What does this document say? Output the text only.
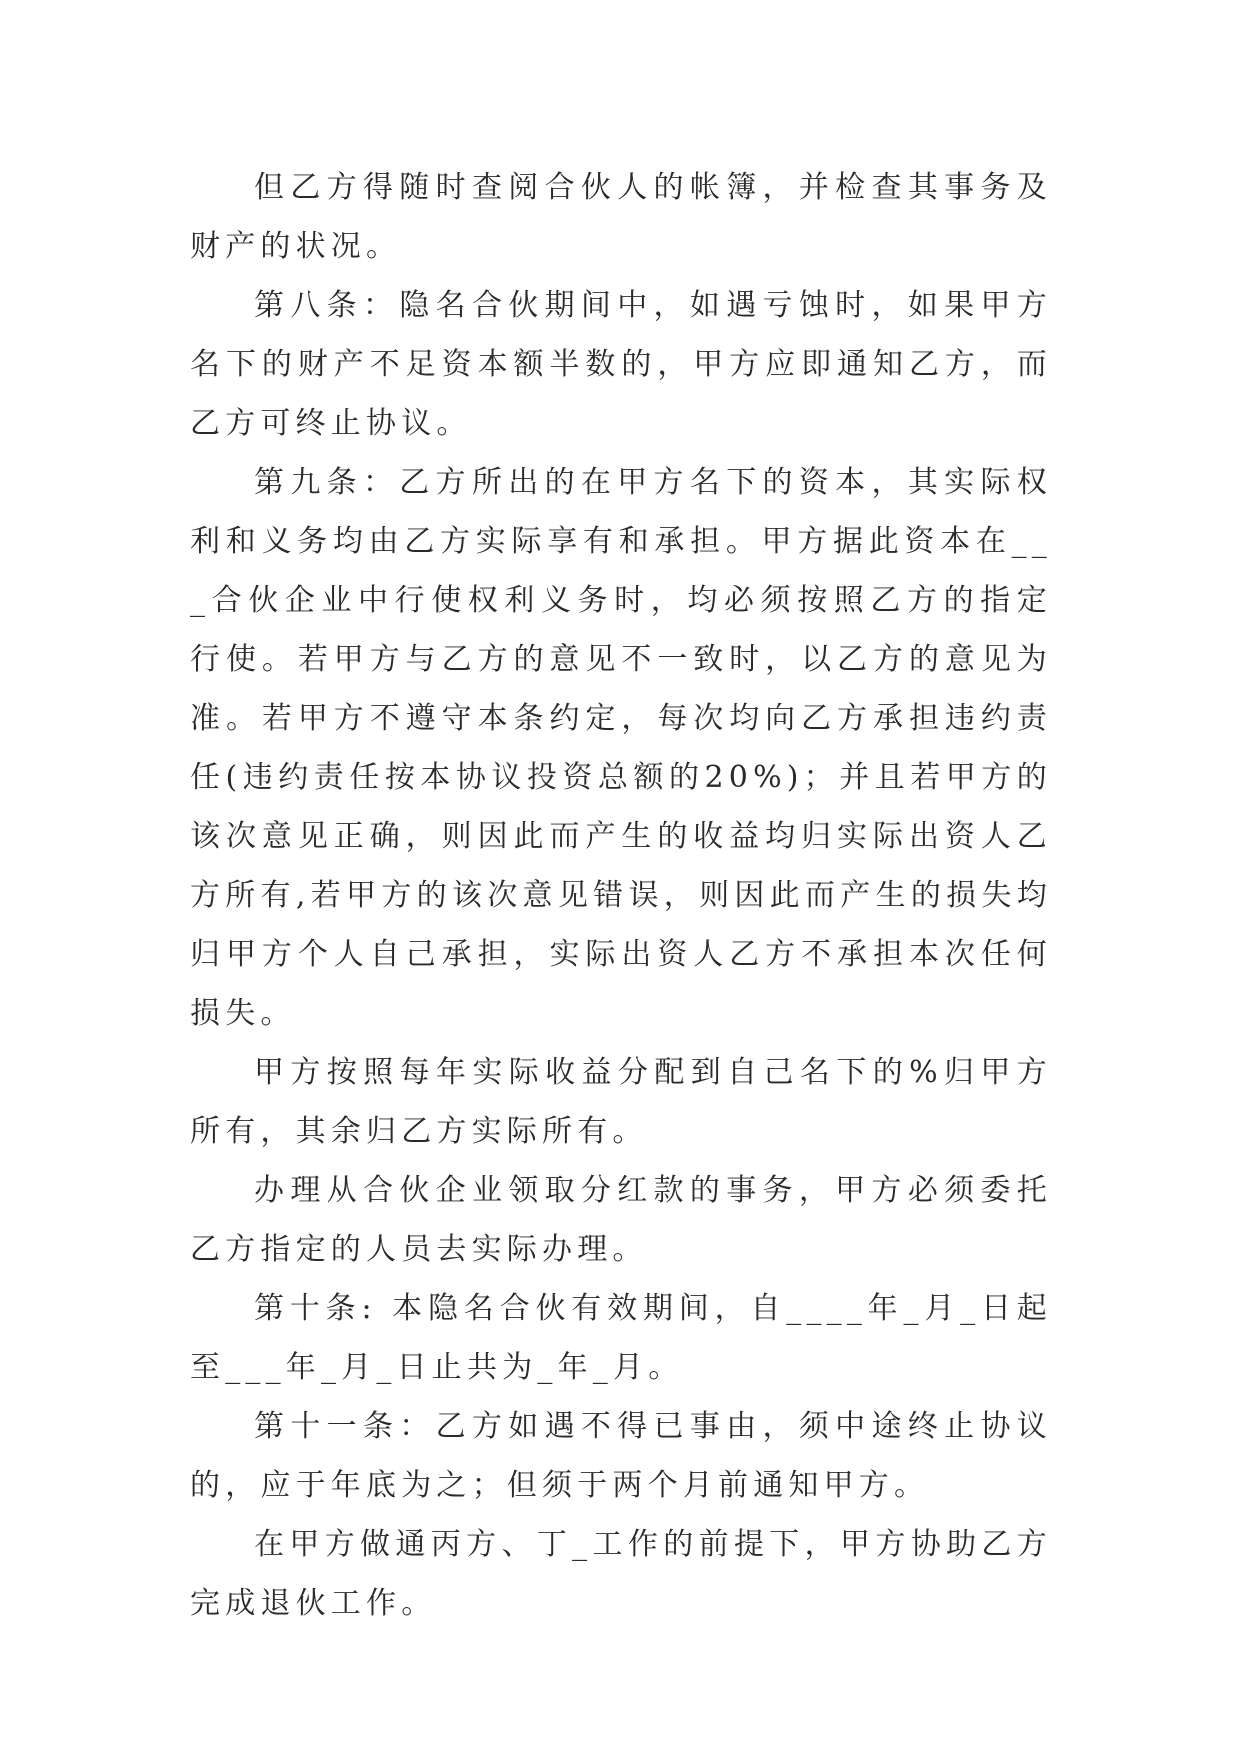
但乙方得随时查阅合伙人的帐簿，并检查其事务及财产的状况。

第八条：隐名合伙期间中，如遇亏蚀时，如果甲方名下的财产不足资本额半数的，甲方应即通知乙方，而乙方可终止协议。

第九条：乙方所出的在甲方名下的资本，其实际权利和义务均由乙方实际享有和承担。甲方据此资本在___合伙企业中行使权利义务时，均必须按照乙方的指定行使。若甲方与乙方的意见不一致时，以乙方的意见为准。若甲方不遵守本条约定，每次均向乙方承担违约责任(违约责任按本协议投资总额的20%)；并且若甲方的该次意见正确，则因此而产生的收益均归实际出资人乙方所有,若甲方的该次意见错误，则因此而产生的损失均归甲方个人自己承担，实际出资人乙方不承担本次任何损失。

甲方按照每年实际收益分配到自己名下的%归甲方所有，其余归乙方实际所有。

办理从合伙企业领取分红款的事务，甲方必须委托乙方指定的人员去实际办理。

第十条: 本隐名合伙有效期间，自____年_月_日起至___年_月_日止共为_年_月。

第十一条：乙方如遇不得已事由，须中途终止协议的，应于年底为之；但须于两个月前通知甲方。

在甲方做通丙方、丁_工作的前提下，甲方协助乙方完成退伙工作。
